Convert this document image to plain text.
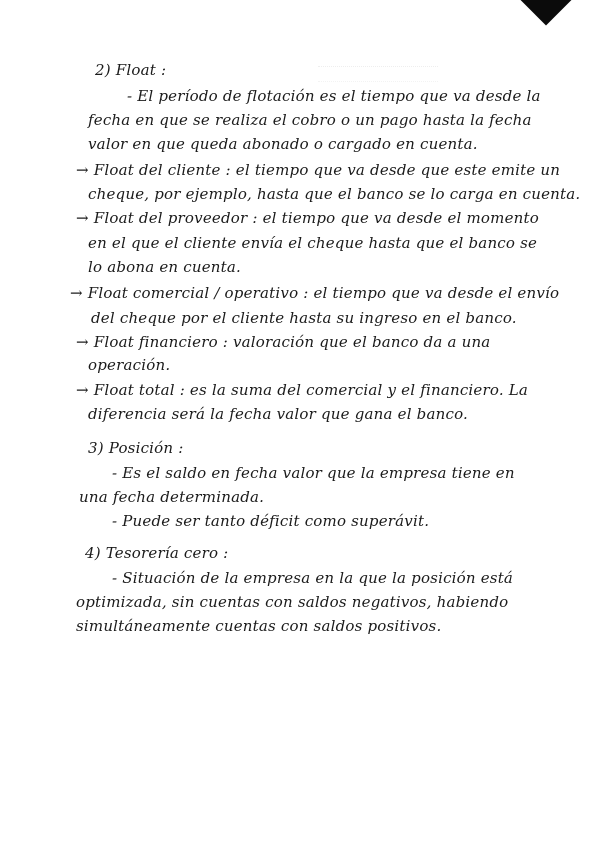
2) Float :
- El período de flotación es el tiempo que va desde la
fecha en que se realiza el cobro o un pago hasta la fecha
valor en que queda abonado o cargado en cuenta.
→ Float del cliente : el tiempo que va desde que este emite un
cheque, por ejemplo, hasta que el banco se lo carga en cuenta.
→ Float del proveedor : el tiempo que va desde el momento
en el que el cliente envía el cheque hasta que el banco se
lo abona en cuenta.
→ Float comercial / operativo : el tiempo que va desde el envío
del cheque por el cliente hasta su ingreso en el banco.
→ Float financiero : valoración que el banco da a una
operación.
→ Float total : es la suma del comercial y el financiero. La
diferencia será la fecha valor que gana el banco.
3) Posición :
- Es el saldo en fecha valor que la empresa tiene en
una fecha determinada.
- Puede ser tanto déficit como superávit.
4) Tesorería cero :
- Situación de la empresa en la que la posición está
optimizada, sin cuentas con saldos negativos, habiendo
simultáneamente cuentas con saldos positivos.
